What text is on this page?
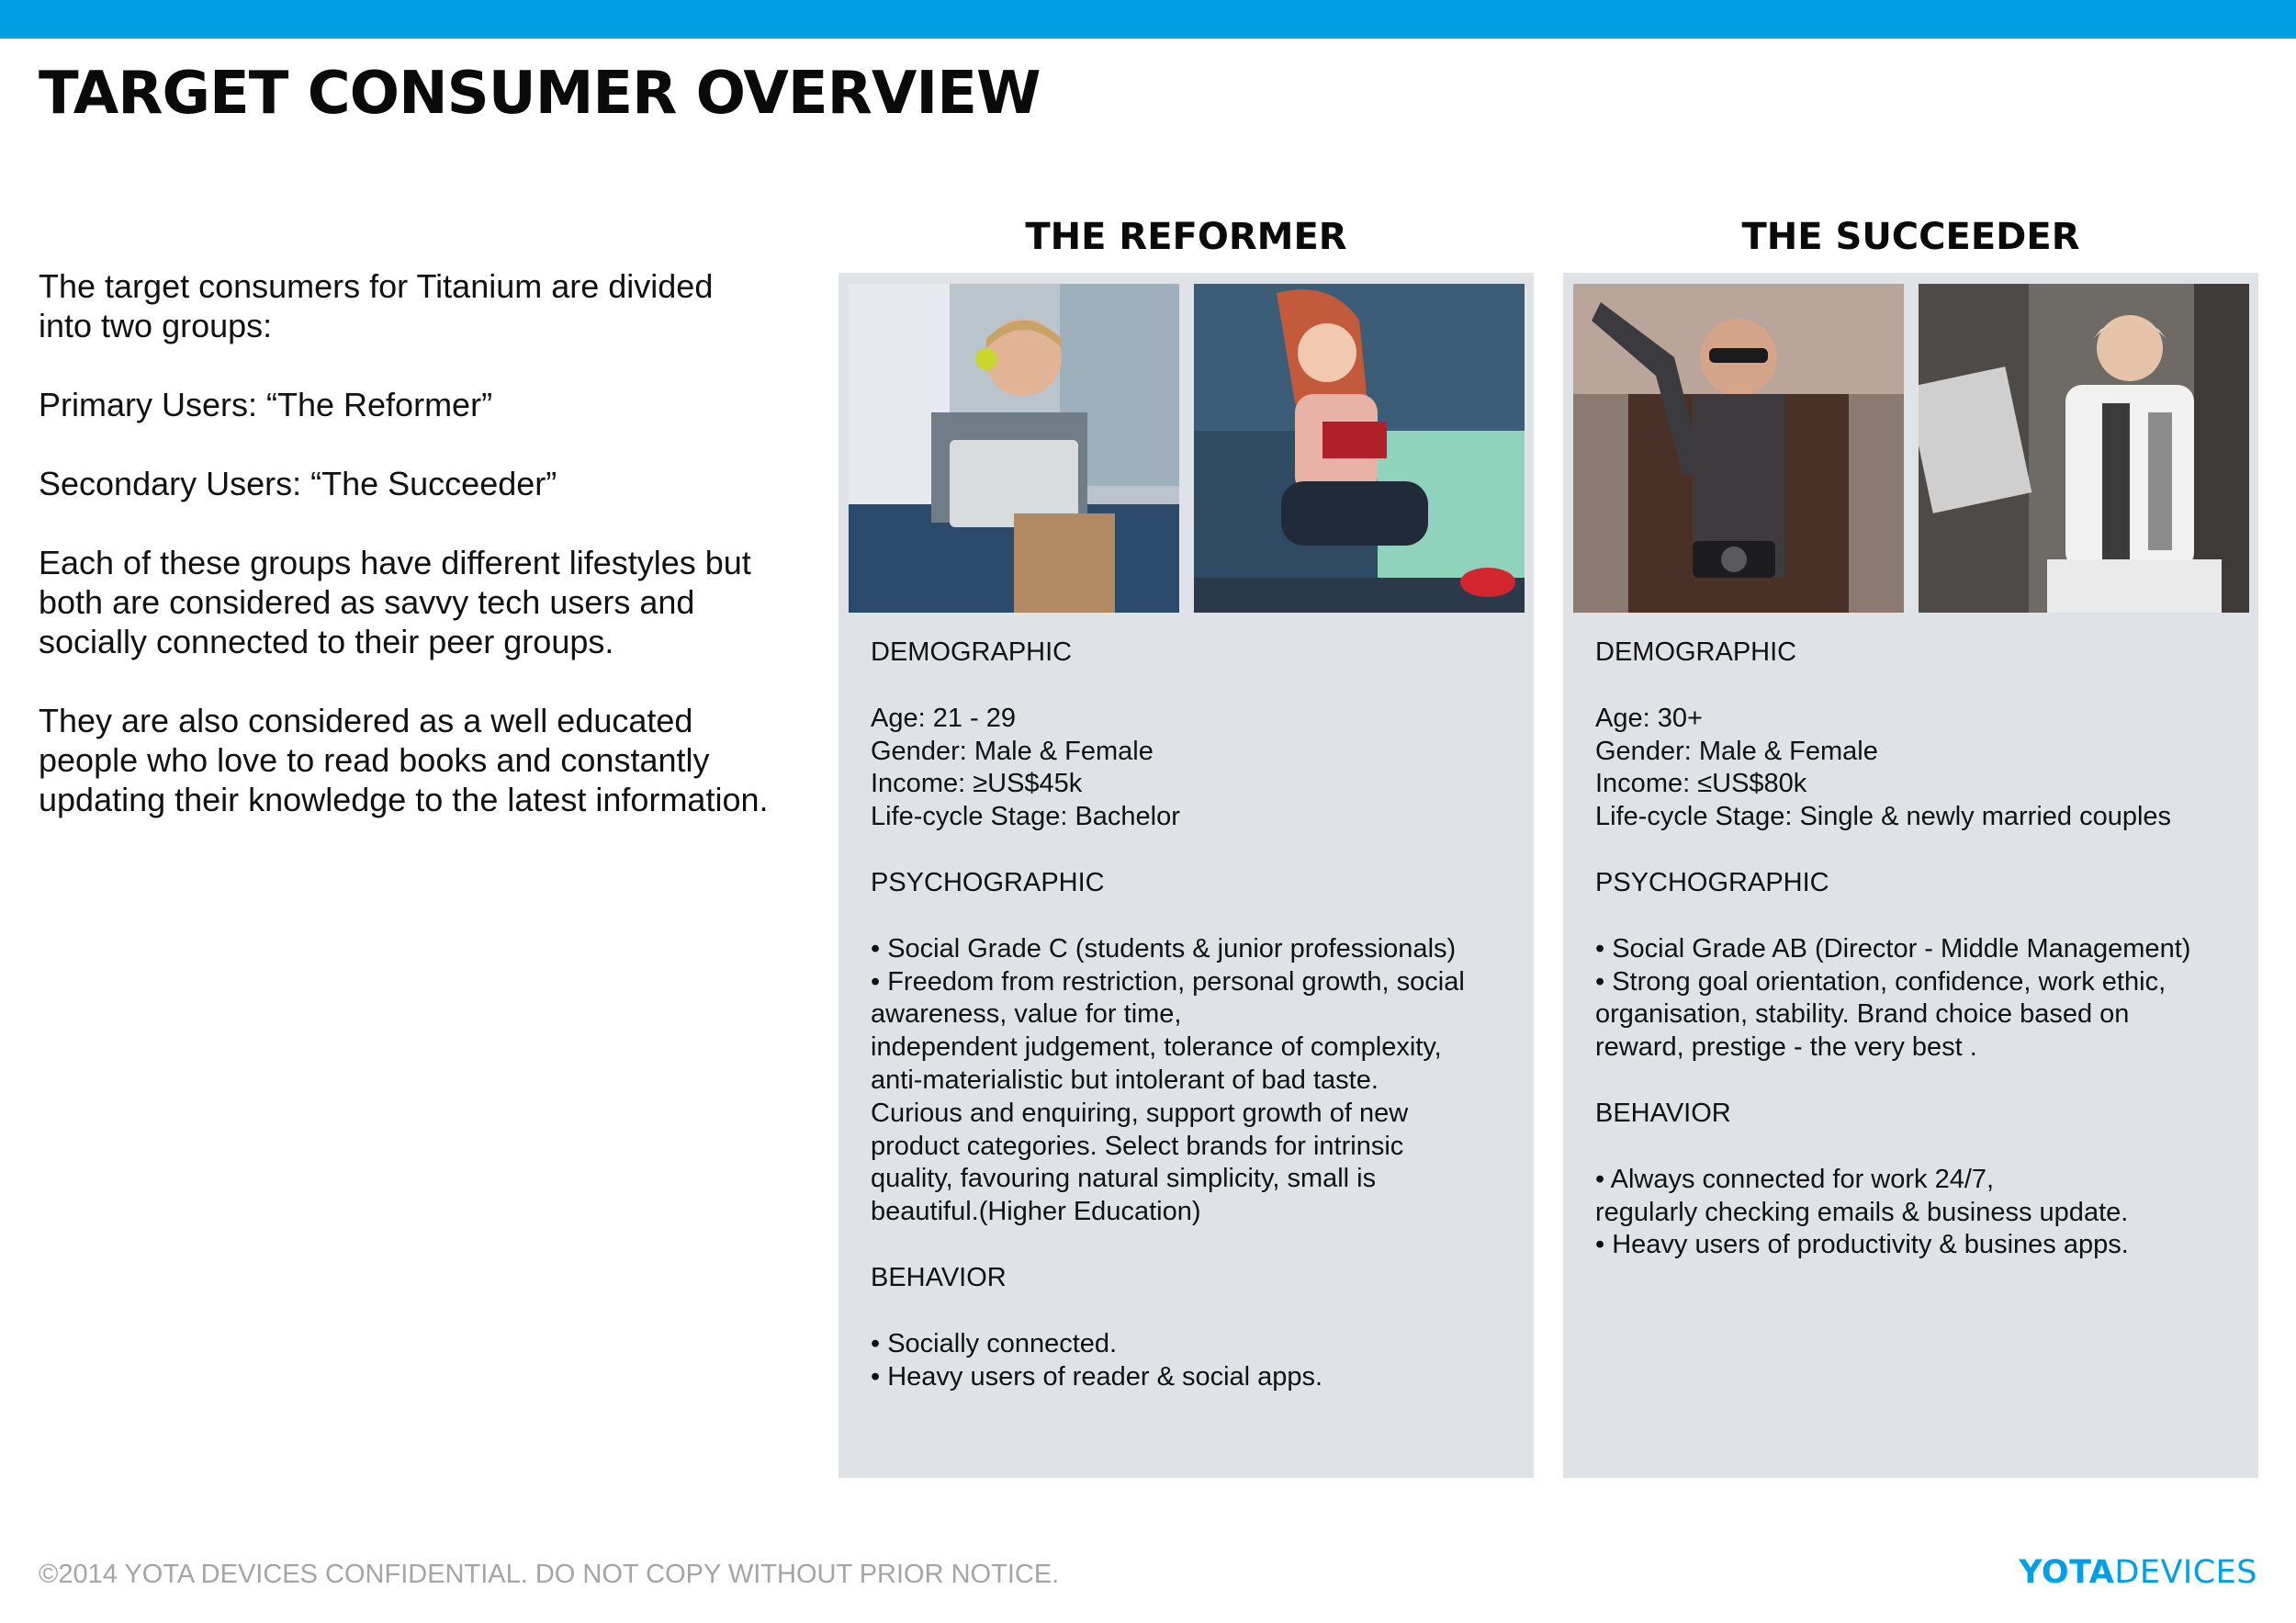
TARGET CONSUMER OVERVIEW

The target consumers for Titanium are divided into two groups:

Primary Users: “The Reformer”

Secondary Users: “The Succeeder”

Each of these groups have different lifestyles but both are considered as savvy tech users and socially connected to their peer groups.

They are also considered as a well educated people who love to read books and constantly updating their knowledge to the latest information.

THE REFORMER

DEMOGRAPHIC

Age: 21 - 29

Gender: Male & Female

Income: ≥US$45k

Life-cycle Stage: Bachelor

PSYCHOGRAPHIC

• Social Grade C (students & junior professionals)
• Freedom from restriction, personal growth, social
awareness, value for time,
independent judgement, tolerance of complexity,
anti-materialistic but intolerant of bad taste.
Curious and enquiring, support growth of new
product categories. Select brands for intrinsic
quality, favouring natural simplicity, small is
beautiful.(Higher Education)

BEHAVIOR

• Socially connected.
• Heavy users of reader & social apps.
THE SUCCEEDER

DEMOGRAPHIC

Age: 30+

Gender: Male & Female

Income: ≤US$80k

Life-cycle Stage: Single & newly married couples

PSYCHOGRAPHIC

• Social Grade AB (Director - Middle Management)
• Strong goal orientation, confidence, work ethic,
organisation, stability. Brand choice based on
reward, prestige - the very best .

BEHAVIOR

• Always connected for work 24/7,
regularly checking emails & business update.
• Heavy users of productivity & busines apps.

©2014 YOTA DEVICES CONFIDENTIAL. DO NOT COPY WITHOUT PRIOR NOTICE.	YOTADEVICES
